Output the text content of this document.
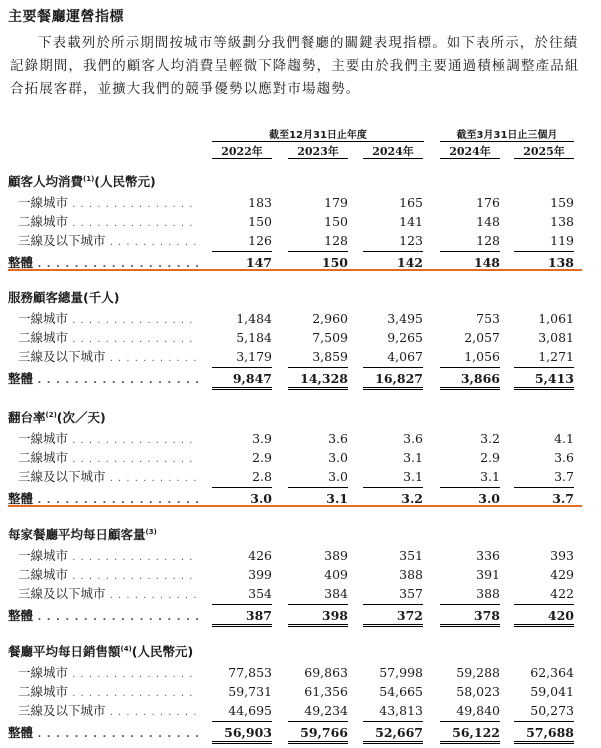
主要餐廳運營指標
下表載列於所示期間按城市等級劃分我們餐廳的關鍵表現指標。如下表所示，於往績記錄期間，我們的顧客人均消費呈輕微下降趨勢，主要由於我們主要通過積極調整產品組合拓展客群，並擴大我們的競爭優勢以應對市場趨勢。
截至12月31日止年度	截至3月31日止三個月
2022年	2023年	2024年	2024年	2025年
顧客人均消費$^{(1)}$(人民幣元)
一線城市 . . .	183	179	165	176	159
二線城市 . . .	150	150	141	148	138
三線及以下城市 . . .	126	128	123	128	119
整體 . . .	147	150	142	148	138
服務顧客總量(千人)
一線城市 . . .	1,484	2,960	3,495	753	1,061
二線城市 . . .	5,184	7,509	9,265	2,057	3,081
三線及以下城市 . . .	3,179	3,859	4,067	1,056	1,271
整體 . . .	9,847	14,328	16,827	3,866	5,413
翻台率$^{(2)}$(次／天)
一線城市 . . .	3.9	3.6	3.6	3.2	4.1
二線城市 . . .	2.9	3.0	3.1	2.9	3.6
三線及以下城市 . . .	2.8	3.0	3.1	3.1	3.7
整體 . . .	3.0	3.1	3.2	3.0	3.7
每家餐廳平均每日顧客量$^{(3)}$
一線城市 . . .	426	389	351	336	393
二線城市 . . .	399	409	388	391	429
三線及以下城市 . . .	354	384	357	388	422
整體 . . .	387	398	372	378	420
餐廳平均每日銷售額$^{(4)}$(人民幣元)
一線城市 . . .	77,853	69,863	57,998	59,288	62,364
二線城市 . . .	59,731	61,356	54,665	58,023	59,041
三線及以下城市 . . .	44,695	49,234	43,813	49,840	50,273
整體 . . .	56,903	59,766	52,667	56,122	57,688
